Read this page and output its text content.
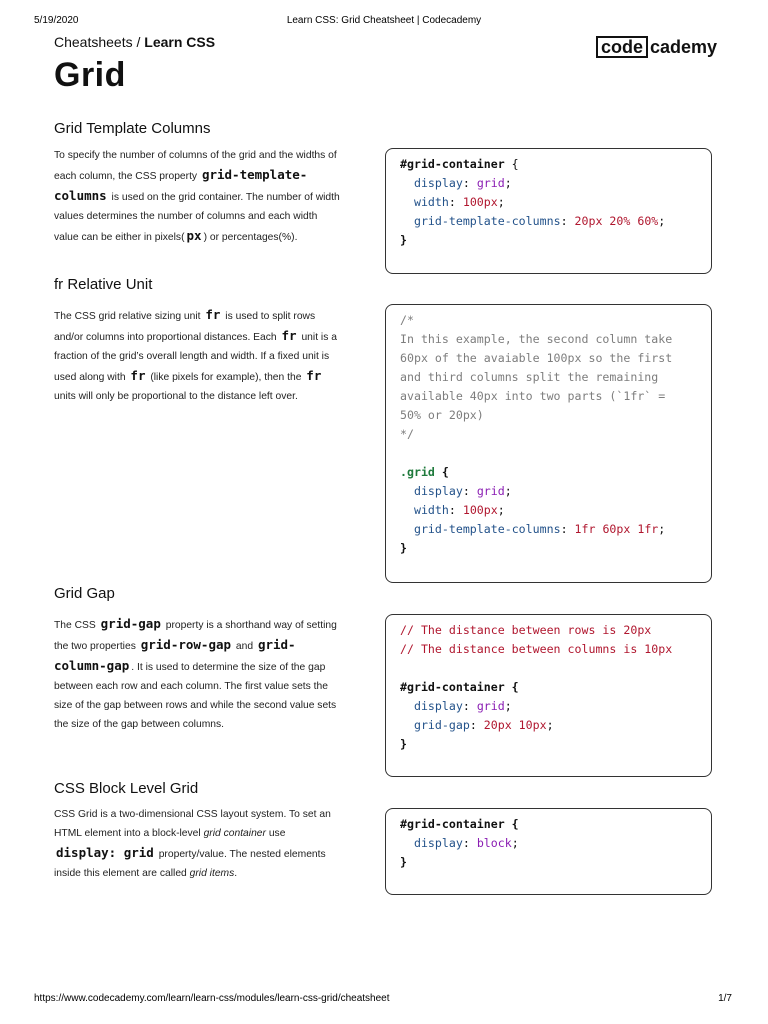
5/19/2020	Learn CSS: Grid Cheatsheet | Codecademy
Cheatsheets / Learn CSS	code cademy
Grid
Grid Template Columns

To specify the number of columns of the grid and the widths of each column, the CSS property grid-template-columns is used on the grid container. The number of width values determines the number of columns and each width value can be either in pixels( px ) or percentages(%).

#grid-container {
display: grid;
width: 100px;
grid-template-columns: 20px 20% 60%;
}
fr Relative Unit

The CSS grid relative sizing unit fr is used to split rows and/or columns into proportional distances. Each fr unit is a fraction of the grid’s overall length and width. If a fixed unit is used along with fr (like pixels for example), then the fr units will only be proportional to the distance left over.

/*
In this example, the second column take
60px of the avaiable 100px so the first
and third columns split the remaining
available 40px into two parts (`1fr` =
50% or 20px)
*/

.grid {
display: grid;
width: 100px;
grid-template-columns: 1fr 60px 1fr;
}
Grid Gap

The CSS grid-gap property is a shorthand way of setting the two properties grid-row-gap and grid-column-gap . It is used to determine the size of the gap between each row and each column. The first value sets the size of the gap between rows and while the second value sets the size of the gap between columns.

// The distance between rows is 20px
// The distance between columns is 10px

#grid-container {
display: grid;
grid-gap: 20px 10px;
}
CSS Block Level Grid

CSS Grid is a two-dimensional CSS layout system. To set an HTML element into a block-level grid container use display: grid property/value. The nested elements inside this element are called grid items.

#grid-container {
display: block;
}
https://www.codecademy.com/learn/learn-css/modules/learn-css-grid/cheatsheet	1/7
